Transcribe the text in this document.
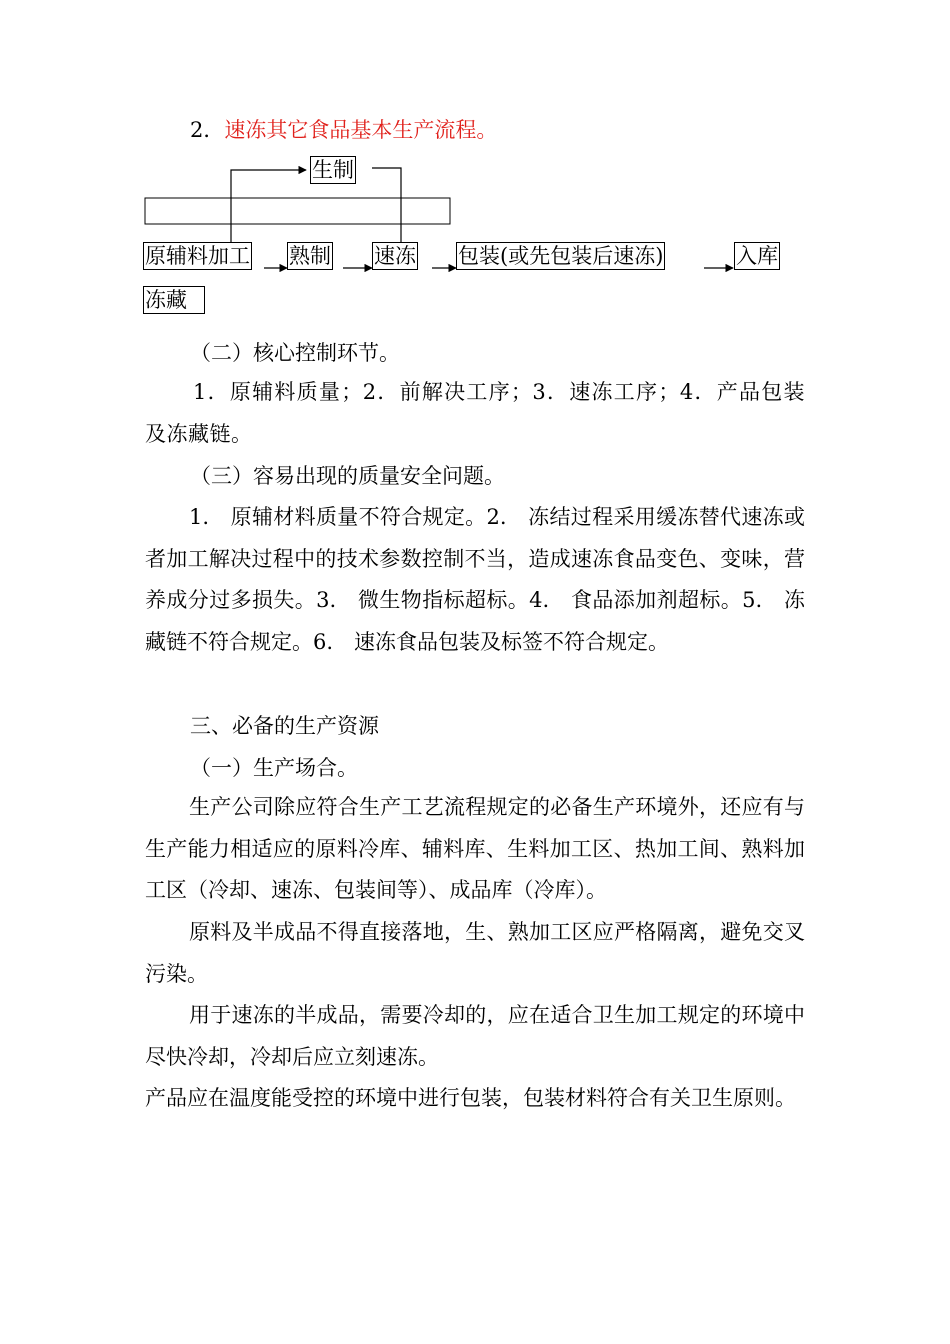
2．速冻其它食品基本生产流程。
生制
原辅料加工 熟制 速冻 包装(或先包装后速冻)	入库
冻藏
（二）核心控制环节。
1．原辅料质量；2．前解决工序；3．速冻工序；4．产品包装及冻藏链。
（三）容易出现的质量安全问题。
1.　原辅材料质量不符合规定。2.　冻结过程采用缓冻替代速冻或者加工解决过程中的技术参数控制不当，造成速冻食品变色、变味，营养成分过多损失。3.　微生物指标超标。4.　食品添加剂超标。5.　冻藏链不符合规定。6.　速冻食品包装及标签不符合规定。
三、必备的生产资源
（一）生产场合。
生产公司除应符合生产工艺流程规定的必备生产环境外，还应有与生产能力相适应的原料冷库、辅料库、生料加工区、热加工间、熟料加工区（冷却、速冻、包装间等）、成品库（冷库）。
原料及半成品不得直接落地，生、熟加工区应严格隔离，避免交叉污染。
用于速冻的半成品，需要冷却的，应在适合卫生加工规定的环境中尽快冷却，冷却后应立刻速冻。
产品应在温度能受控的环境中进行包装，包装材料符合有关卫生原则。
